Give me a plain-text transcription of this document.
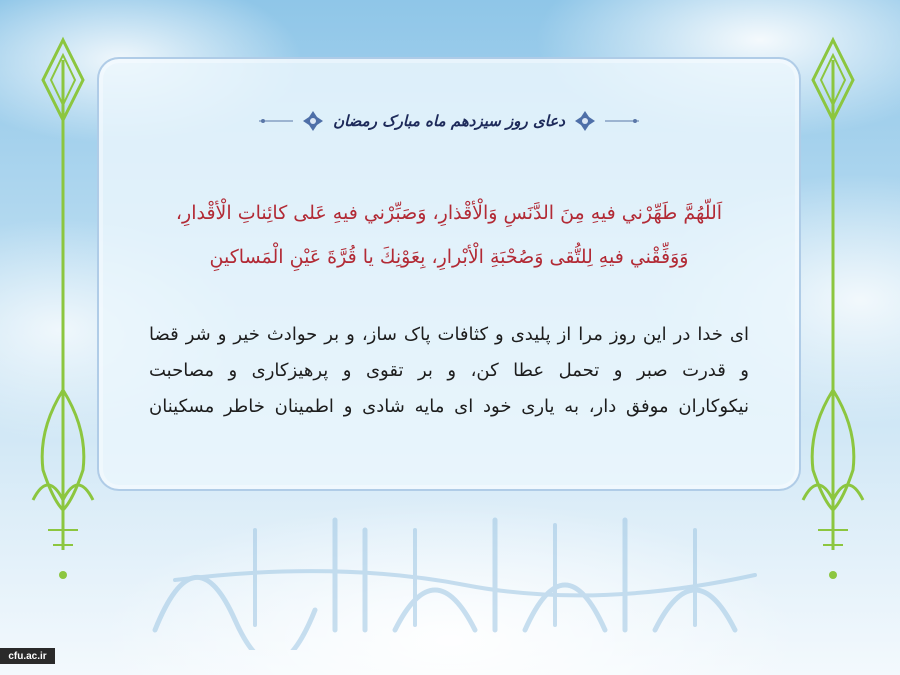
دعای روز سیزدهم ماه مبارک رمضان
اَللّهُمَّ طَهِّرْني فيهِ مِنَ الدَّنَسِ وَالْأقْذارِ، وَصَبِّرْني فيهِ عَلى كائِناتِ الْأقْدارِ،
وَوَفِّقْني فيهِ لِلتُّقى وَصُحْبَةِ الْأبْرارِ، بِعَوْنِكَ يا قُرَّةَ عَيْنِ الْمَساكينِ
ای خدا در این روز مرا از پلیدی و کثافات پاک ساز، و بر حوادث خیر و شر قضا
و قدرت صبر و تحمل عطا کن، و بر تقوی و پرهیزکاری و مصاحبت
نیکوکاران موفق دار، به یاری خود ای مایه شادی و اطمینان خاطر مسکینان
cfu.ac.ir
